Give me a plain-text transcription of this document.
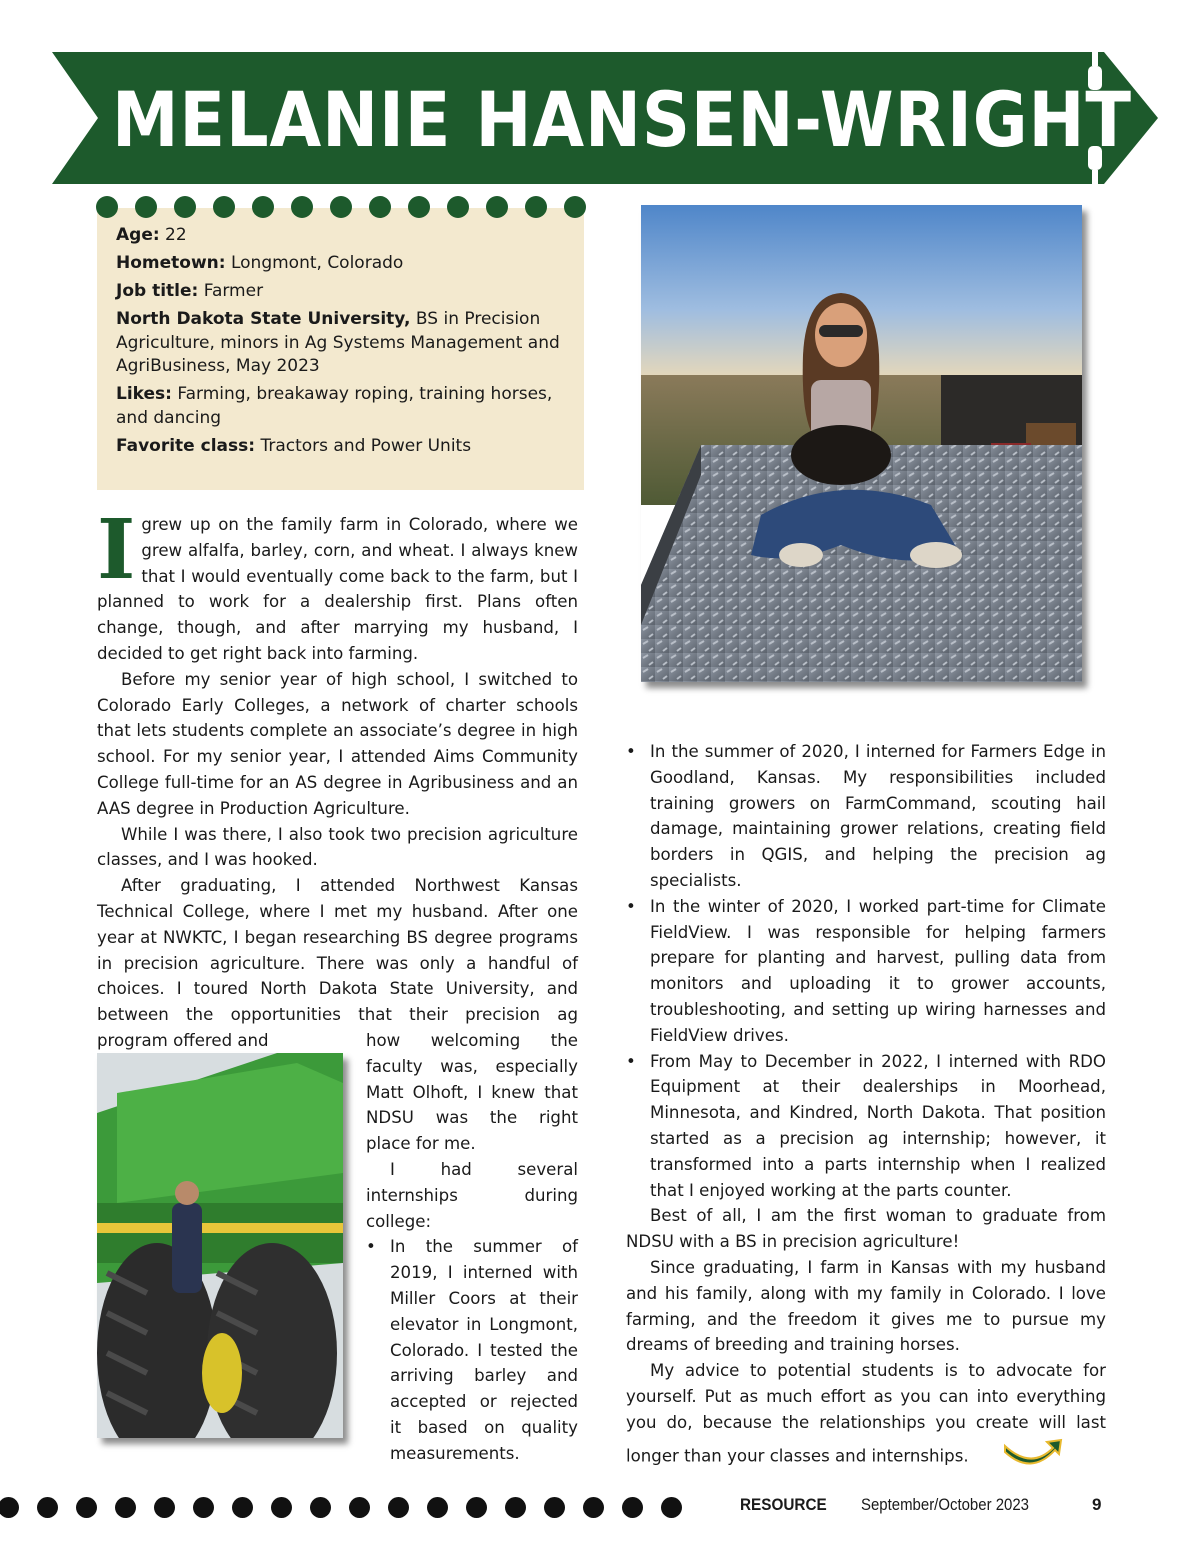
MELANIE HANSEN-WRIGHT
Age: 22
Hometown: Longmont, Colorado
Job title: Farmer
North Dakota State University, BS in Precision Agriculture, minors in Ag Systems Management and AgriBusiness, May 2023
Likes: Farming, breakaway roping, training horses, and dancing
Favorite class: Tractors and Power Units

Igrew up on the family farm in Colorado, where we grew alfalfa, barley, corn, and wheat. I always knew that I would eventually come back to the farm, but I planned to work for a dealership first. Plans often change, though, and after marrying my husband, I decided to get right back into farming.

Before my senior year of high school, I switched to Colorado Early Colleges, a network of charter schools that lets students complete an associate’s degree in high school. For my senior year, I attended Aims Community College full-time for an AS degree in Agribusiness and an AAS degree in Production Agriculture.

While I was there, I also took two precision agriculture classes, and I was hooked.

After graduating, I attended Northwest Kansas Technical College, where I met my husband. After one year at NWKTC, I began researching BS degree programs in precision agriculture. There was only a handful of choices. I toured North Dakota State University, and between the opportunities that their precision ag program offered and	how welcoming the faculty was, especially Matt Olhoft, I knew that NDSU was the right place for me.

I had several internships during college:

• In the summer of 2019, I interned with Miller Coors at their elevator in Longmont, Colorado. I tested the arriving barley and accepted or rejected it based on quality measurements.
• In the summer of 2020, I interned for Farmers Edge in Goodland, Kansas. My responsibilities included training growers on FarmCommand, scouting hail damage, maintaining grower relations, creating field borders in QGIS, and helping the precision ag specialists.
• In the winter of 2020, I worked part-time for Climate FieldView. I was responsible for helping farmers prepare for planting and harvest, pulling data from monitors and uploading it to grower accounts, troubleshooting, and setting up wiring harnesses and FieldView drives.
• From May to December in 2022, I interned with RDO Equipment at their dealerships in Moorhead, Minnesota, and Kindred, North Dakota. That position started as a precision ag internship; however, it transformed into a parts internship when I realized that I enjoyed working at the parts counter.

Best of all, I am the first woman to graduate from NDSU with a BS in precision agriculture!

Since graduating, I farm in Kansas with my husband and his family, along with my family in Colorado. I love farming, and the freedom it gives me to pursue my dreams of breeding and training horses.

My advice to potential students is to advocate for yourself. Put as much effort as you can into everything you do, because the relationships you create will last longer than your classes and internships.

RESOURCE September/October 2023	9
